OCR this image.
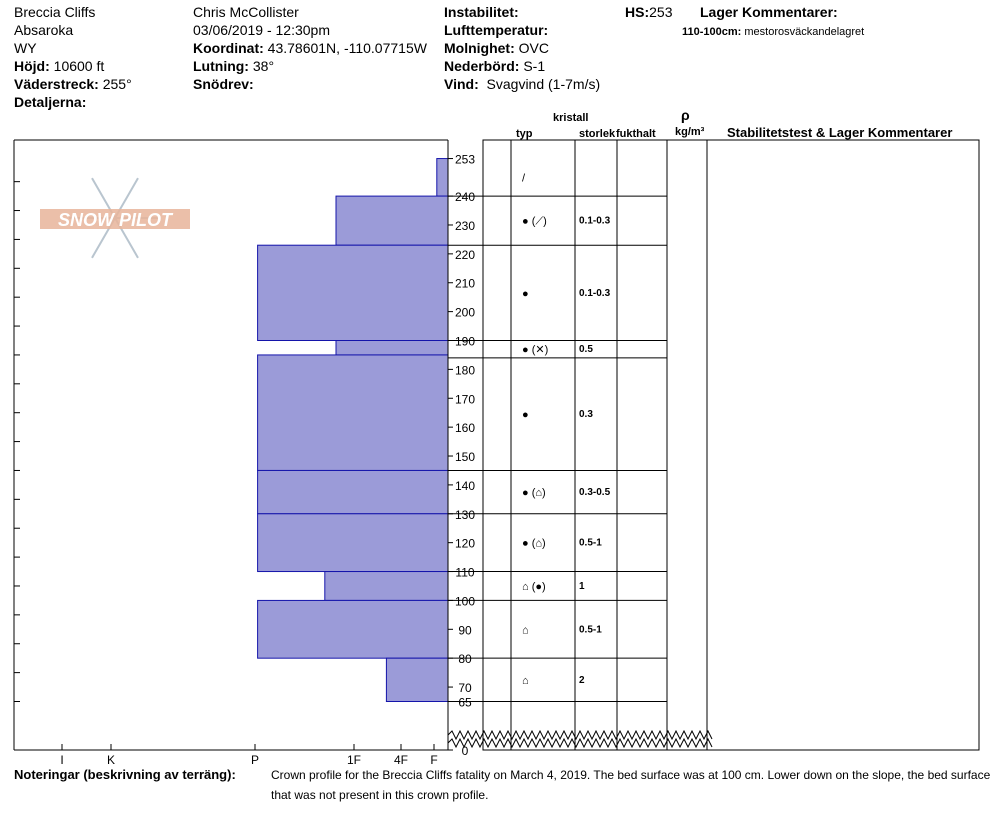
Breccia Cliffs
Absaroka
WY
Höjd: 10600 ft
Väderstreck: 255°
Detaljerna:
Chris McCollister
03/06/2019 - 12:30pm
Koordinat: 43.78601N, -110.07715W
Lutning: 38°
Snödrev:
Instabilitet:
Lufttemperatur:
Molnighet: OVC
Nederbörd: S-1
Vind: Svagvind (1-7m/s)
HS:253 Lager Kommentarer:
110-100cm: mestorosväckandelagret
kristall
typ	storlek fukthalt
ρ
kg/m³ Stabilitetstest & Lager Kommentarer
SNOW PILOT
0
65
70
80
90
100
110
120
130
140
150
160
170
180
190
200
210
220
230
240
253
I	K	P	1F	4F F
/
● (⟋)	0.1-0.3
●	0.1-0.3
● (✕)	0.5
●	0.3
● (⌂)	0.3-0.5
● (⌂)	0.5-1
⌂ (●)	1
⌂	0.5-1
⌂	2
Noteringar (beskrivning av terräng):	Crown profile for the Breccia Cliffs fatality on March 4, 2019. The bed surface was at 100 cm. Lower down on the slope, the bed surface
that was not present in this crown profile.
